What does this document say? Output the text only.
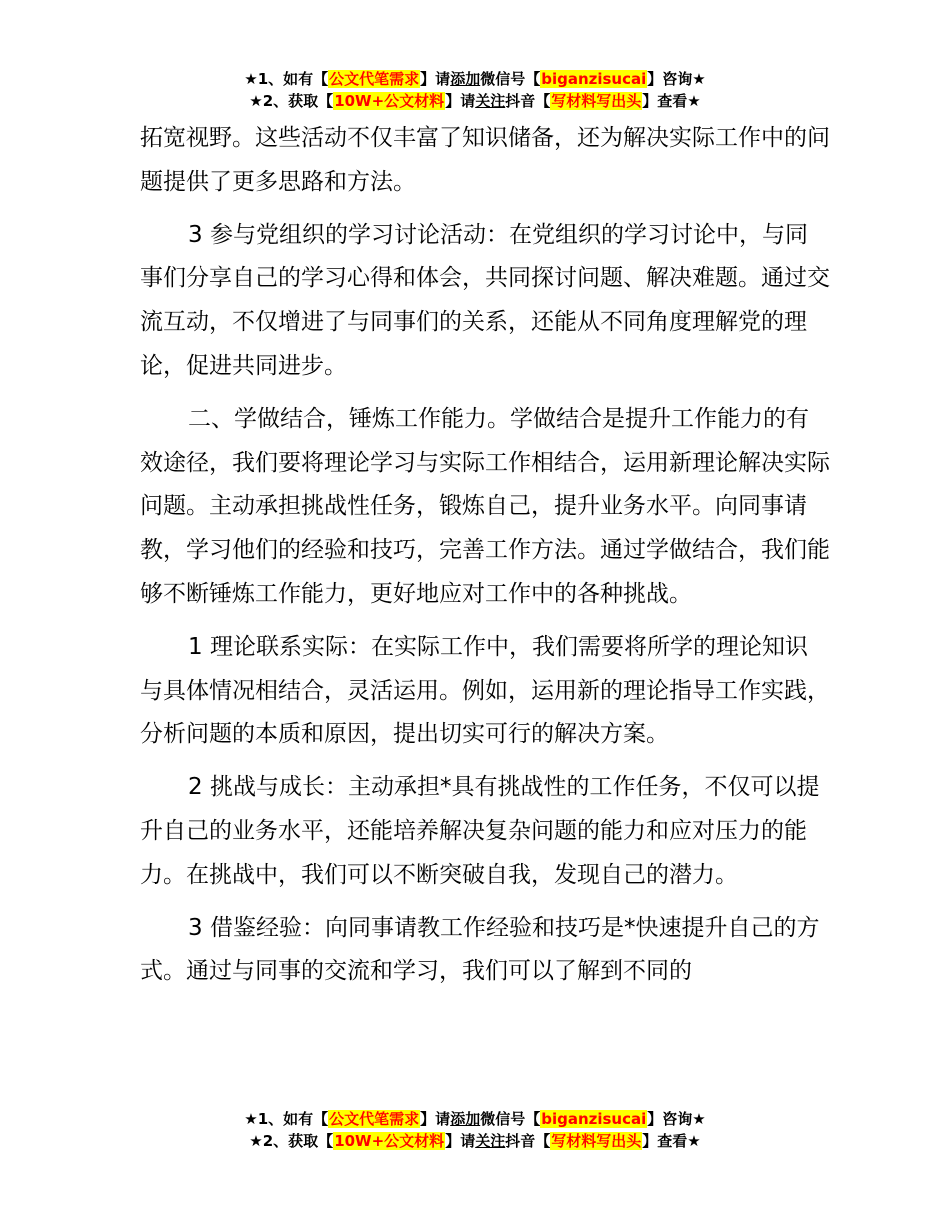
★1、如有【公文代笔需求】请添加微信号【biganzisucai】咨询★
★2、获取【10W+公文材料】请关注抖音【写材料写出头】查看★

拓宽视野。这些活动不仅丰富了知识储备，还为解决实际工作中的问题提供了更多思路和方法。

3 参与党组织的学习讨论活动：在党组织的学习讨论中，与同事们分享自己的学习心得和体会，共同探讨问题、解决难题。通过交流互动，不仅增进了与同事们的关系，还能从不同角度理解党的理论，促进共同进步。

二、学做结合，锤炼工作能力。学做结合是提升工作能力的有效途径，我们要将理论学习与实际工作相结合，运用新理论解决实际问题。主动承担挑战性任务，锻炼自己，提升业务水平。向同事请教，学习他们的经验和技巧，完善工作方法。通过学做结合，我们能够不断锤炼工作能力，更好地应对工作中的各种挑战。

1 理论联系实际：在实际工作中，我们需要将所学的理论知识与具体情况相结合，灵活运用。例如，运用新的理论指导工作实践，分析问题的本质和原因，提出切实可行的解决方案。

2 挑战与成长：主动承担*具有挑战性的工作任务，不仅可以提升自己的业务水平，还能培养解决复杂问题的能力和应对压力的能力。在挑战中，我们可以不断突破自我，发现自己的潜力。

3 借鉴经验：向同事请教工作经验和技巧是*快速提升自己的方式。通过与同事的交流和学习，我们可以了解到不同的

★1、如有【公文代笔需求】请添加微信号【biganzisucai】咨询★
★2、获取【10W+公文材料】请关注抖音【写材料写出头】查看★
